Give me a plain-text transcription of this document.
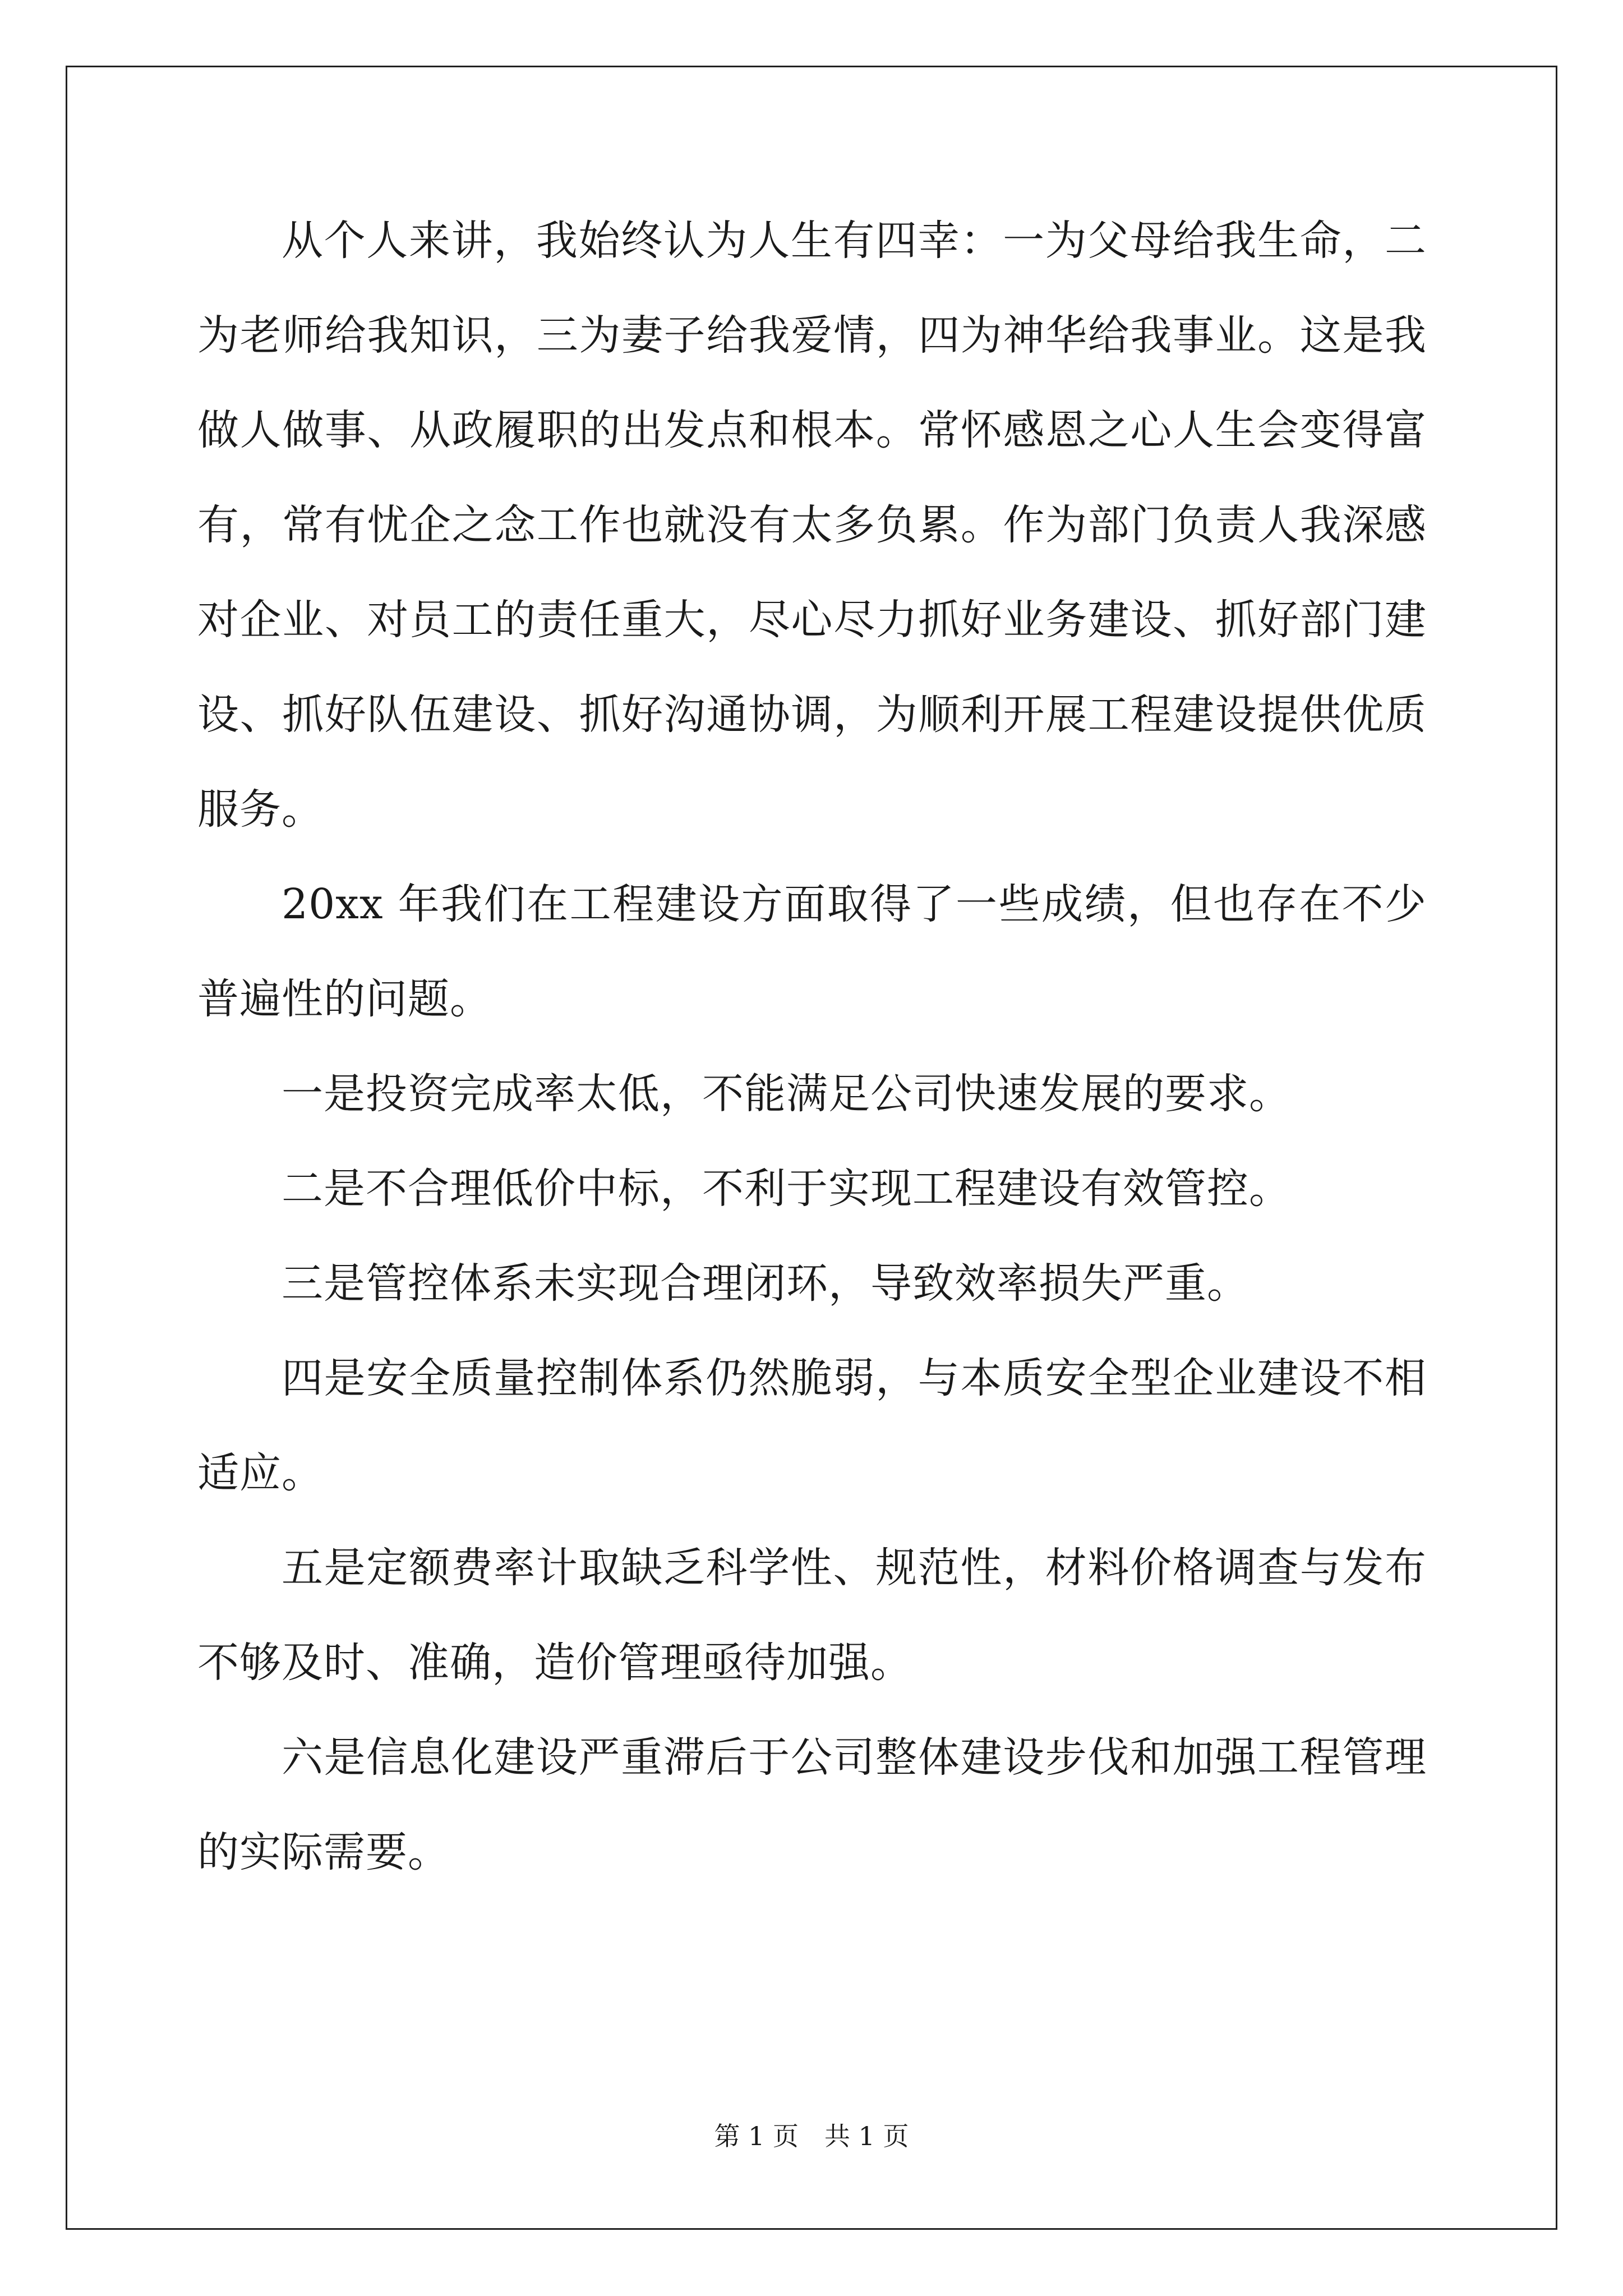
从个人来讲，我始终认为人生有四幸：一为父母给我生命，二为老师给我知识，三为妻子给我爱情，四为神华给我事业。这是我做人做事、从政履职的出发点和根本。常怀感恩之心人生会变得富有，常有忧企之念工作也就没有太多负累。作为部门负责人我深感对企业、对员工的责任重大，尽心尽力抓好业务建设、抓好部门建设、抓好队伍建设、抓好沟通协调，为顺利开展工程建设提供优质服务。

20xx 年我们在工程建设方面取得了一些成绩，但也存在不少普遍性的问题。

一是投资完成率太低，不能满足公司快速发展的要求。

二是不合理低价中标，不利于实现工程建设有效管控。

三是管控体系未实现合理闭环，导致效率损失严重。

四是安全质量控制体系仍然脆弱，与本质安全型企业建设不相适应。

五是定额费率计取缺乏科学性、规范性，材料价格调查与发布不够及时、准确，造价管理亟待加强。

六是信息化建设严重滞后于公司整体建设步伐和加强工程管理的实际需要。

第 1 页　共 1 页
